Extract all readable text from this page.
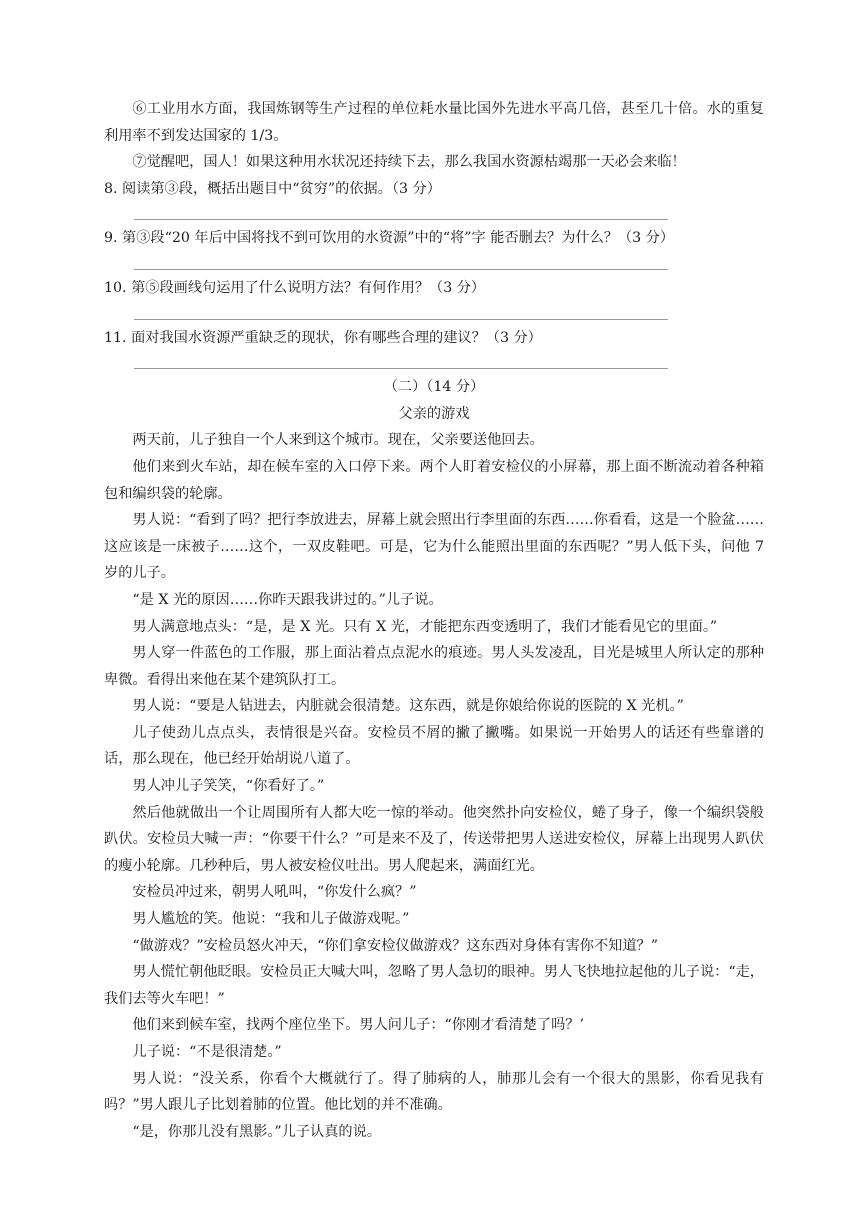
⑥工业用水方面，我国炼钢等生产过程的单位耗水量比国外先进水平高几倍，甚至几十倍。水的重复利用率不到发达国家的 1/3。

⑦觉醒吧，国人！如果这种用水状况还持续下去，那么我国水资源枯竭那一天必会来临！

8. 阅读第③段，概括出题目中“贫穷”的依据。（3 分）

9. 第③段“20 年后中国将找不到可饮用的水资源”中的“将”字 能否删去？为什么？（3 分）

10. 第⑤段画线句运用了什么说明方法？有何作用？（3 分）

11. 面对我国水资源严重缺乏的现状，你有哪些合理的建议？（3 分）

（二）（14 分）

父亲的游戏

两天前，儿子独自一个人来到这个城市。现在，父亲要送他回去。

他们来到火车站，却在候车室的入口停下来。两个人盯着安检仪的小屏幕，那上面不断流动着各种箱包和编织袋的轮廓。

男人说：“看到了吗？把行李放进去，屏幕上就会照出行李里面的东西……你看看，这是一个脸盆……这应该是一床被子……这个，一双皮鞋吧。可是，它为什么能照出里面的东西呢？”男人低下头，问他 7 岁的儿子。

“是 X 光的原因……你昨天跟我讲过的。”儿子说。

男人满意地点头：“是，是 X 光。只有 X 光，才能把东西变透明了，我们才能看见它的里面。”

男人穿一件蓝色的工作服，那上面沾着点点泥水的痕迹。男人头发凌乱，目光是城里人所认定的那种卑微。看得出来他在某个建筑队打工。

男人说：“要是人钻进去，内脏就会很清楚。这东西，就是你娘给你说的医院的 X 光机。”

儿子使劲儿点点头，表情很是兴奋。安检员不屑的撇了撇嘴。如果说一开始男人的话还有些靠谱的话，那么现在，他已经开始胡说八道了。

男人冲儿子笑笑，“你看好了。”

然后他就做出一个让周围所有人都大吃一惊的举动。他突然扑向安检仪，蜷了身子，像一个编织袋般趴伏。安检员大喊一声：“你要干什么？”可是来不及了，传送带把男人送进安检仪，屏幕上出现男人趴伏的瘦小轮廓。几秒种后，男人被安检仪吐出。男人爬起来，满面红光。

安检员冲过来，朝男人吼叫，“你发什么疯？”

男人尴尬的笑。他说：“我和儿子做游戏呢。”

“做游戏？”安检员怒火冲天，“你们拿安检仪做游戏？这东西对身体有害你不知道？”

男人慌忙朝他眨眼。安检员正大喊大叫，忽略了男人急切的眼神。男人飞快地拉起他的儿子说：“走，我们去等火车吧！”

他们来到候车室，找两个座位坐下。男人问儿子：“你刚才看清楚了吗？’

儿子说：“不是很清楚。”

男人说：“没关系，你看个大概就行了。得了肺病的人，肺那儿会有一个很大的黑影，你看见我有吗？”男人跟儿子比划着肺的位置。他比划的并不准确。

“是，你那儿没有黑影。”儿子认真的说。
